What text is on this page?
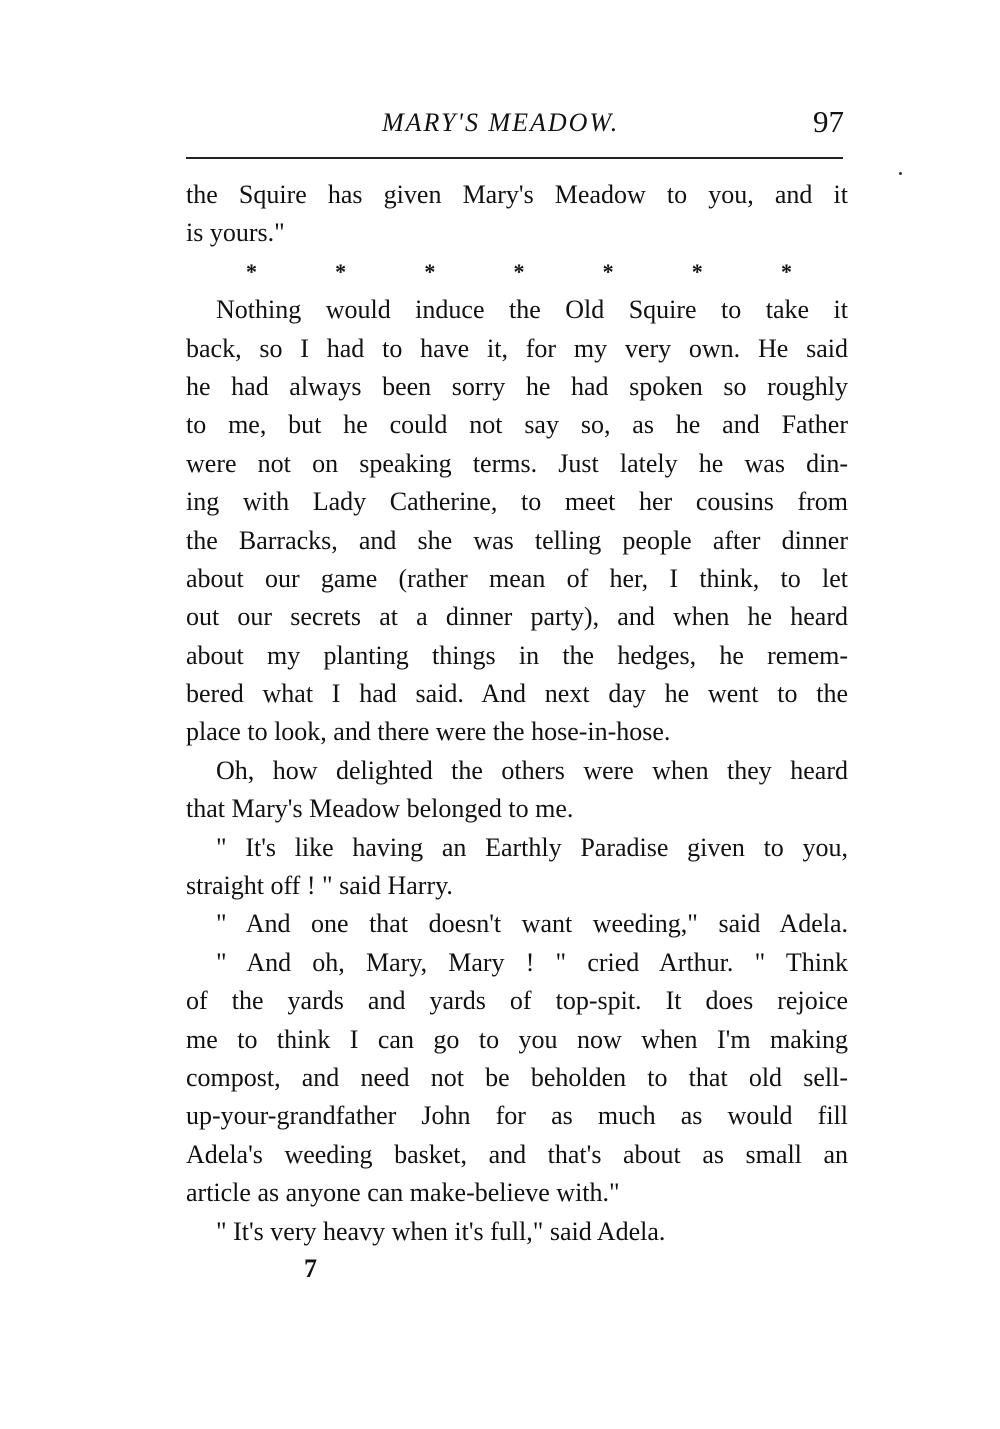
MARY'S MEADOW.	97
the Squire has given Mary's Meadow to you, and it
is yours."
*	*	*	*	*	*	*
Nothing would induce the Old Squire to take it
back, so I had to have it, for my very own. He said
he had always been sorry he had spoken so roughly
to me, but he could not say so, as he and Father
were not on speaking terms. Just lately he was din-
ing with Lady Catherine, to meet her cousins from
the Barracks, and she was telling people after dinner
about our game (rather mean of her, I think, to let
out our secrets at a dinner party), and when he heard
about my planting things in the hedges, he remem-
bered what I had said. And next day he went to the
place to look, and there were the hose-in-hose.
Oh, how delighted the others were when they heard
that Mary's Meadow belonged to me.
" It's like having an Earthly Paradise given to you,
straight off ! " said Harry.
" And one that doesn't want weeding," said Adela.
" And oh, Mary, Mary ! " cried Arthur. " Think
of the yards and yards of top-spit. It does rejoice
me to think I can go to you now when I'm making
compost, and need not be beholden to that old sell-
up-your-grandfather John for as much as would fill
Adela's weeding basket, and that's about as small an
article as anyone can make-believe with."
" It's very heavy when it's full," said Adela.
7
